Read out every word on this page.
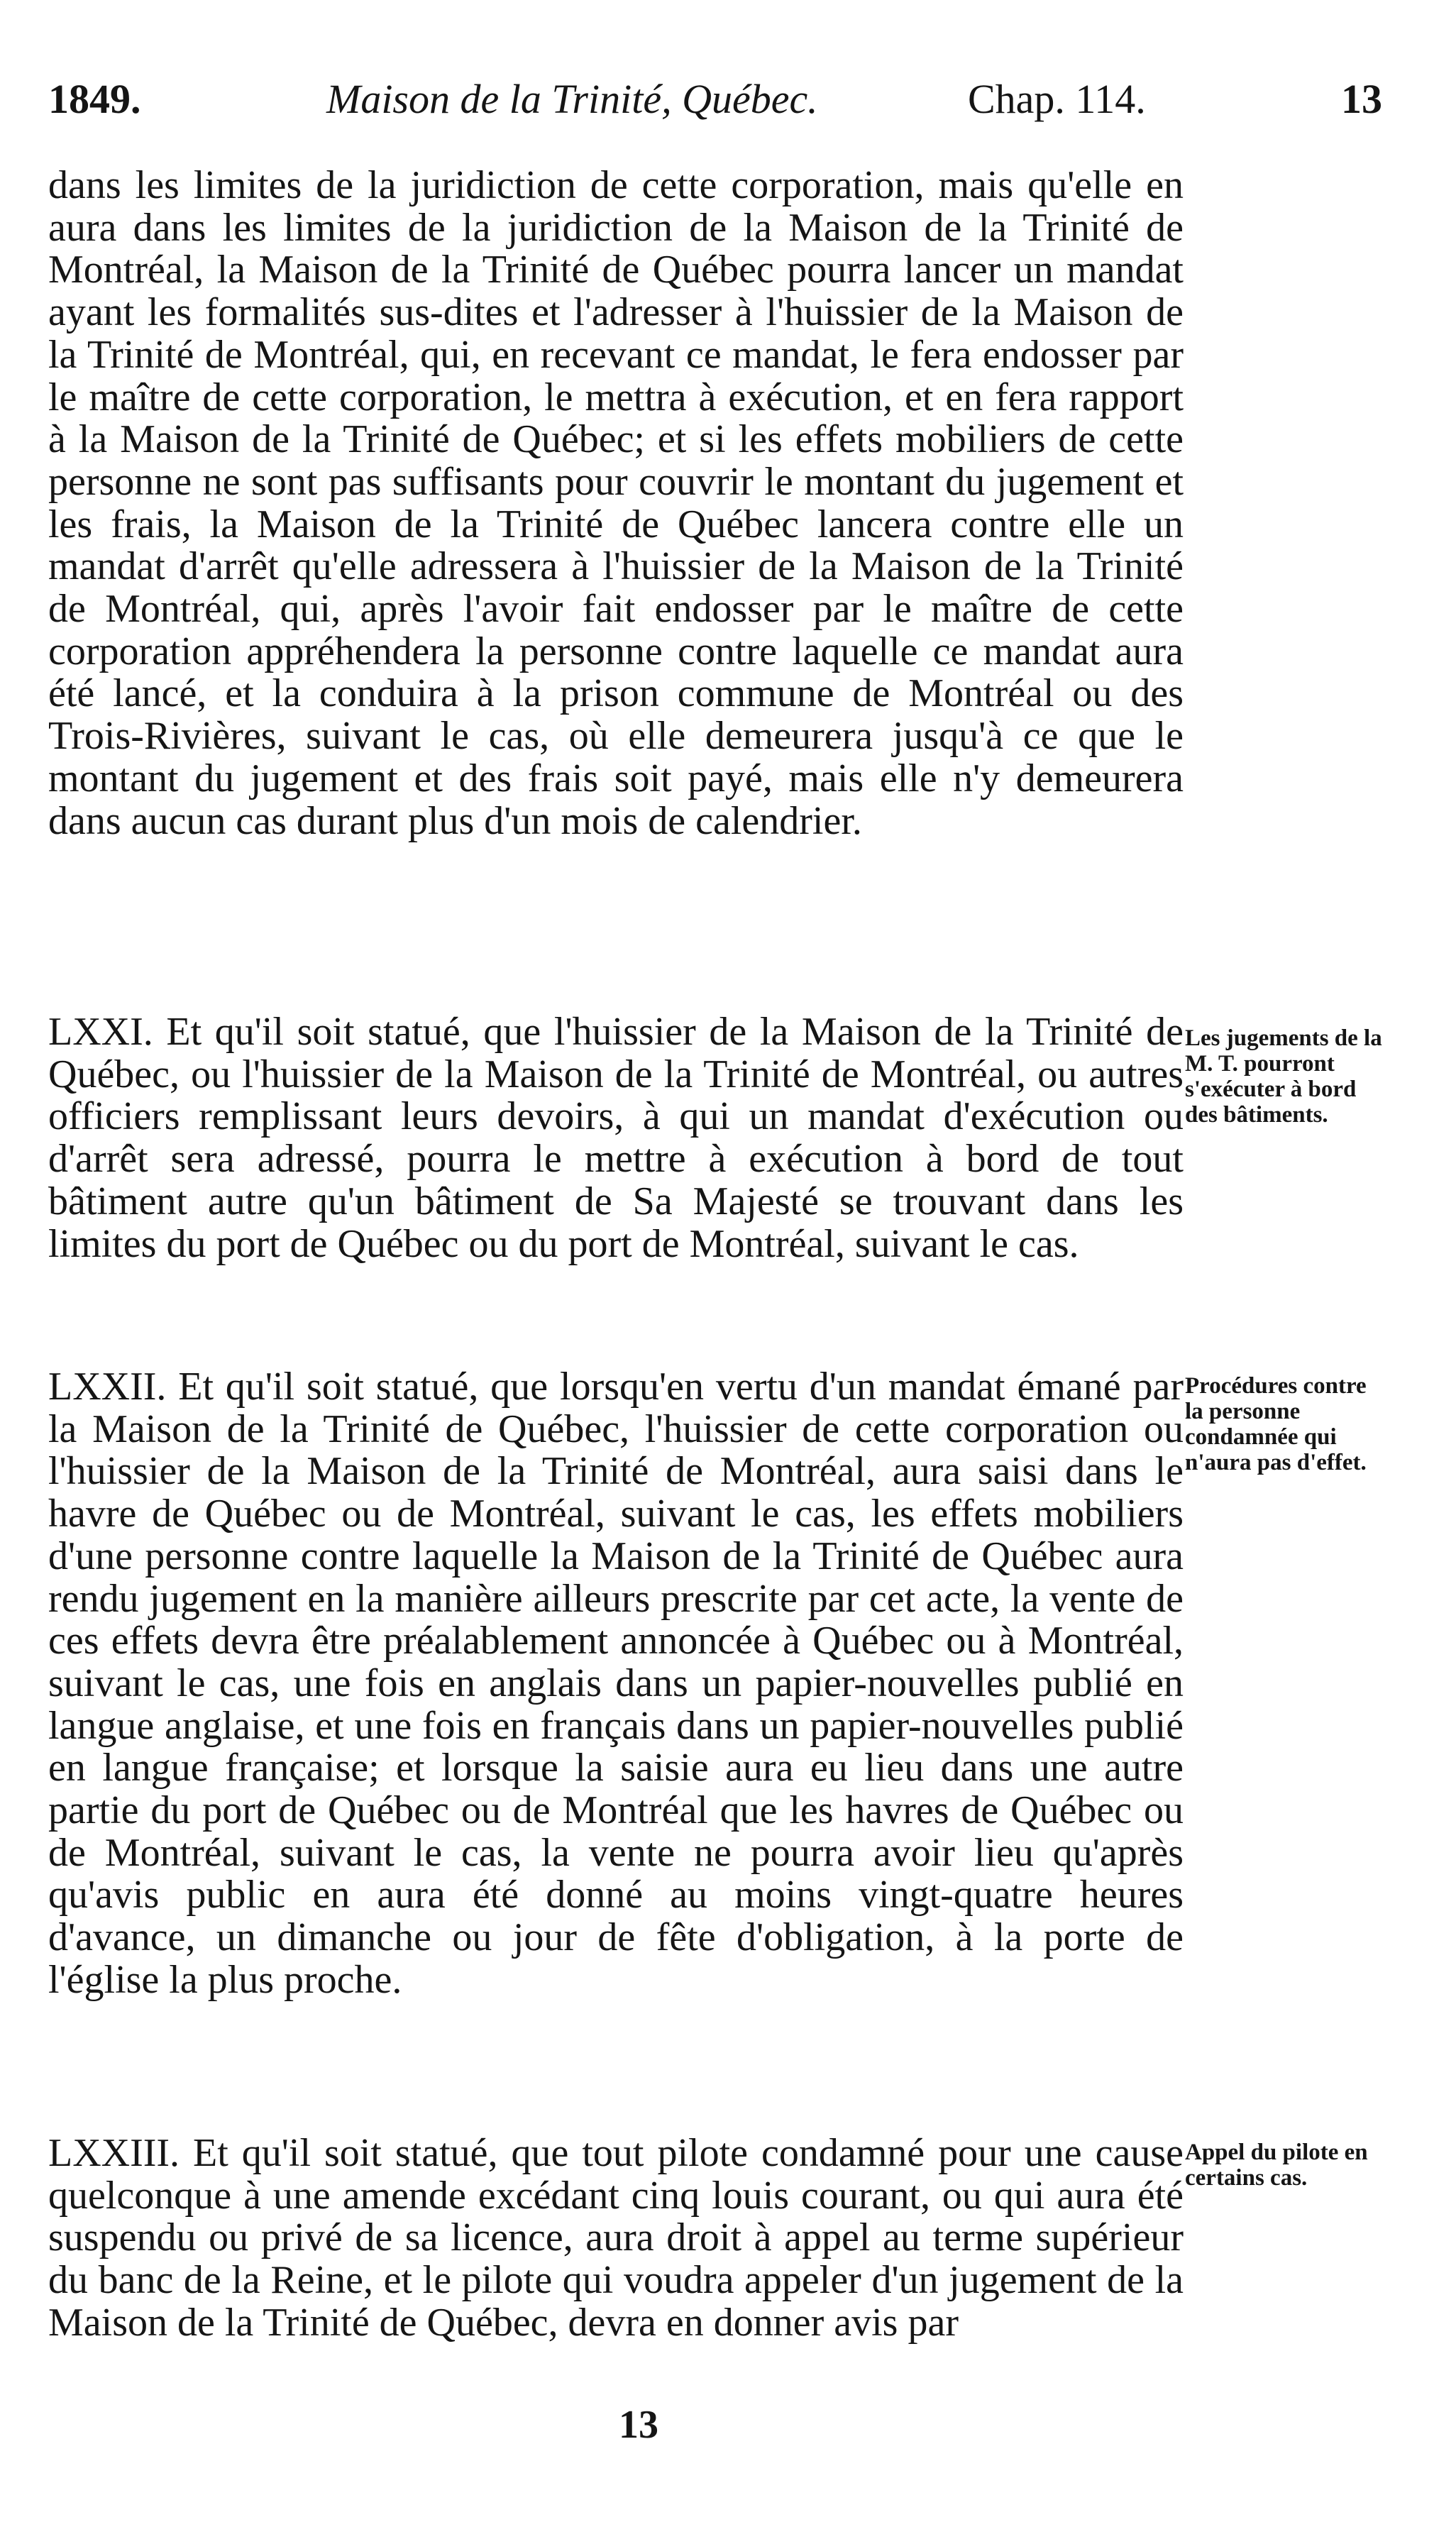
1849.	Maison de la Trinité, Québec.	Chap. 114.	13

dans les limites de la juridiction de cette corporation, mais qu'elle en aura dans les limites de la juridiction de la Maison de la Trinité de Montréal, la Maison de la Trinité de Québec pourra lancer un mandat ayant les formalités sus-dites et l'adresser à l'huissier de la Maison de la Trinité de Montréal, qui, en recevant ce mandat, le fera endosser par le maître de cette corporation, le mettra à exécution, et en fera rapport à la Maison de la Trinité de Québec; et si les effets mobiliers de cette personne ne sont pas suffisants pour couvrir le montant du jugement et les frais, la Maison de la Trinité de Québec lancera contre elle un mandat d'arrêt qu'elle adressera à l'huissier de la Maison de la Trinité de Montréal, qui, après l'avoir fait endosser par le maître de cette corporation appréhendera la personne contre laquelle ce mandat aura été lancé, et la conduira à la prison commune de Montréal ou des Trois-Rivières, suivant le cas, où elle demeurera jusqu'à ce que le montant du jugement et des frais soit payé, mais elle n'y demeurera dans aucun cas durant plus d'un mois de calendrier.

LXXI. Et qu'il soit statué, que l'huissier de la Maison de la Trinité de Québec, ou l'huissier de la Maison de la Trinité de Montréal, ou autres officiers remplissant leurs devoirs, à qui un mandat d'exécution ou d'arrêt sera adressé, pourra le mettre à exécution à bord de tout bâtiment autre qu'un bâtiment de Sa Majesté se trouvant dans les limites du port de Québec ou du port de Montréal, suivant le cas.

Les jugements de la M. T. pourront s'exécuter à bord des bâtiments.

LXXII. Et qu'il soit statué, que lorsqu'en vertu d'un mandat émané par la Maison de la Trinité de Québec, l'huissier de cette corporation ou l'huissier de la Maison de la Trinité de Montréal, aura saisi dans le havre de Québec ou de Montréal, suivant le cas, les effets mobiliers d'une personne contre laquelle la Maison de la Trinité de Québec aura rendu jugement en la manière ailleurs prescrite par cet acte, la vente de ces effets devra être préalablement annoncée à Québec ou à Montréal, suivant le cas, une fois en anglais dans un papier-nouvelles publié en langue anglaise, et une fois en français dans un papier-nouvelles publié en langue française; et lorsque la saisie aura eu lieu dans une autre partie du port de Québec ou de Montréal que les havres de Québec ou de Montréal, suivant le cas, la vente ne pourra avoir lieu qu'après qu'avis public en aura été donné au moins vingt-quatre heures d'avance, un dimanche ou jour de fête d'obligation, à la porte de l'église la plus proche.

Procédures contre la personne condamnée qui n'aura pas d'effet.

LXXIII. Et qu'il soit statué, que tout pilote condamné pour une cause quelconque à une amende excédant cinq louis courant, ou qui aura été suspendu ou privé de sa licence, aura droit à appel au terme supérieur du banc de la Reine, et le pilote qui voudra appeler d'un jugement de la Maison de la Trinité de Québec, devra en donner avis par

Appel du pilote en certains cas.
13
